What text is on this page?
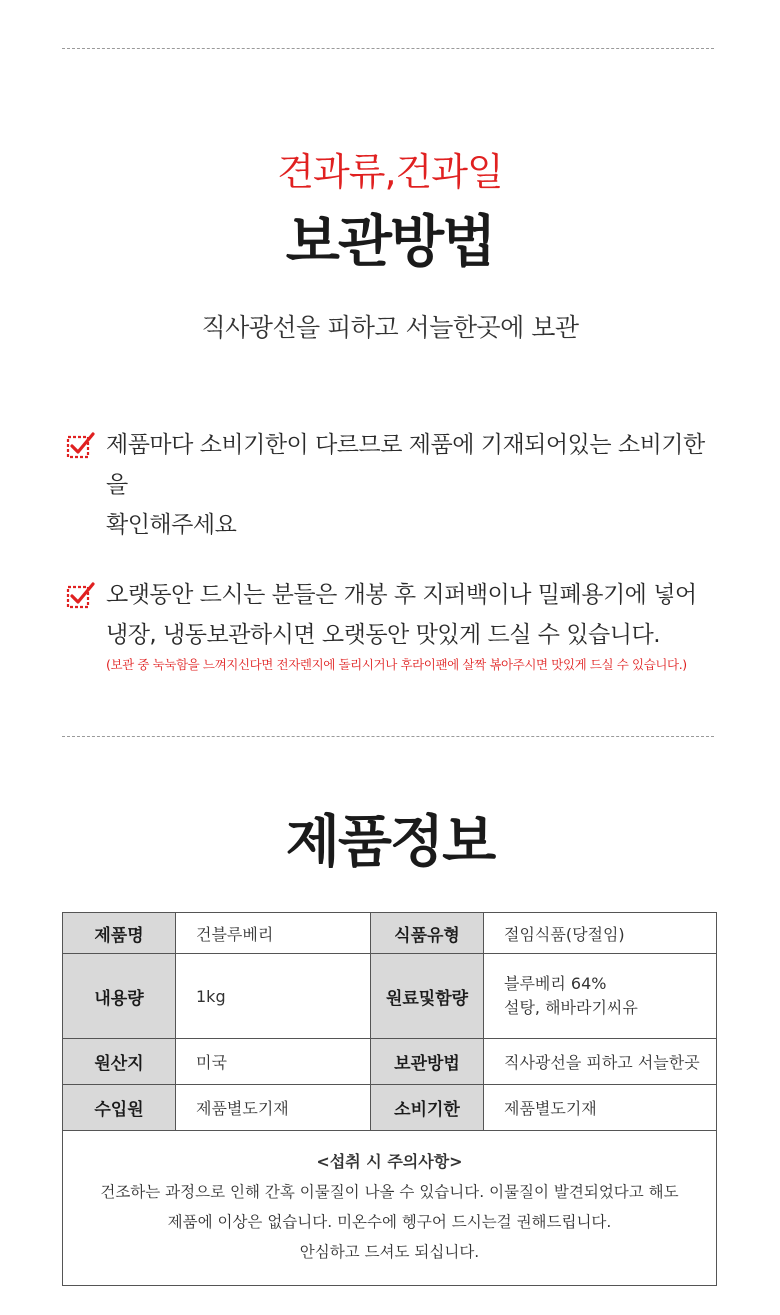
견과류,건과일
보관방법
직사광선을 피하고 서늘한곳에 보관
제품마다 소비기한이 다르므로 제품에 기재되어있는 소비기한을
확인해주세요
오랫동안 드시는 분들은 개봉 후 지퍼백이나 밀폐용기에 넣어
냉장, 냉동보관하시면 오랫동안 맛있게 드실 수 있습니다.
(보관 중 눅눅함을 느껴지신다면 전자렌지에 돌리시거나 후라이팬에 살짝 볶아주시면 맛있게 드실 수 있습니다.)
제품정보
제품명	건블루베리	식품유형	절임식품(당절임)
내용량	1kg	원료및함량	블루베리 64%
설탕, 해바라기씨유

원산지	미국	보관방법	직사광선을 피하고 서늘한곳
수입원	제품별도기재	소비기한	제품별도기재

<섭취 시 주의사항>
건조하는 과정으로 인해 간혹 이물질이 나올 수 있습니다. 이물질이 발견되었다고 해도
제품에 이상은 없습니다. 미온수에 헹구어 드시는걸 권해드립니다.
안심하고 드셔도 되십니다.			
